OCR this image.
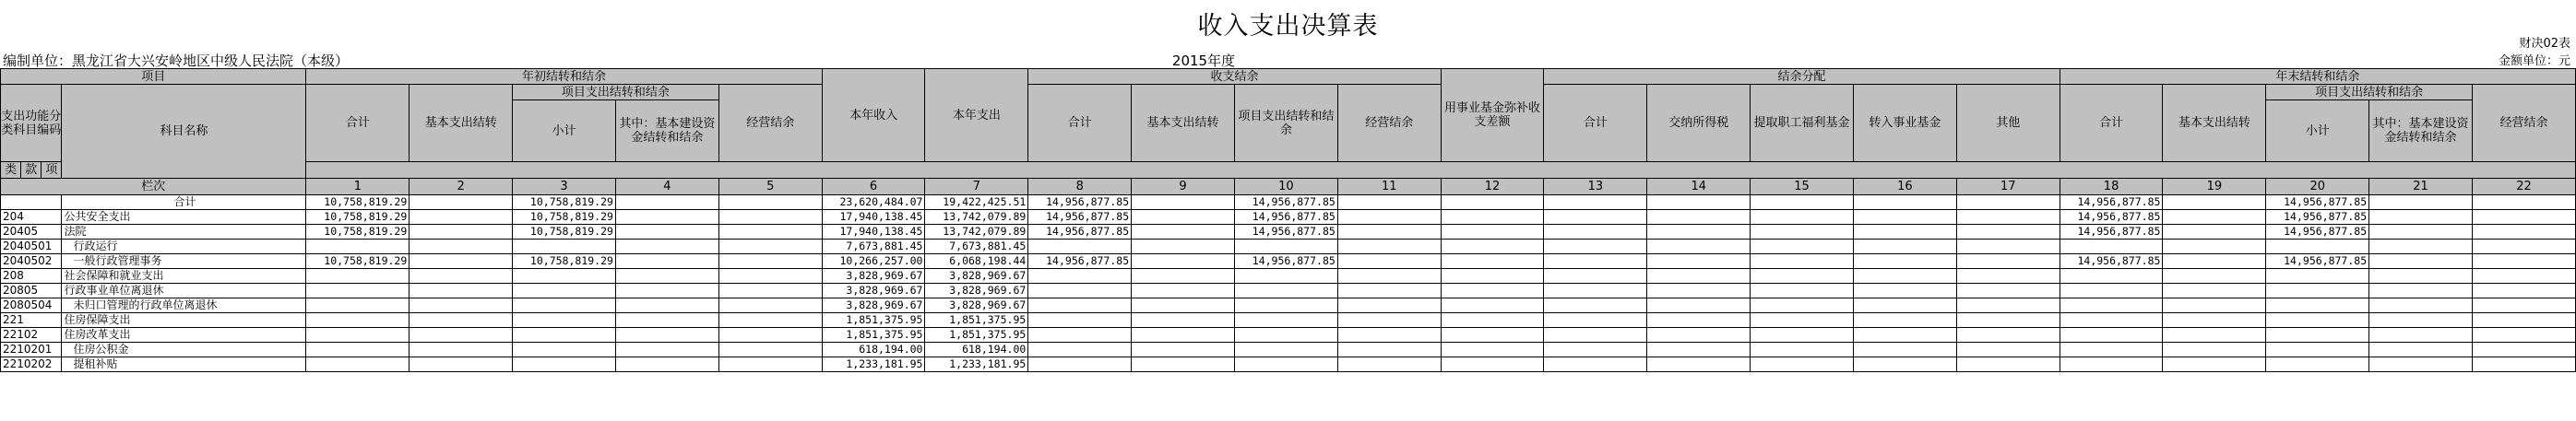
收入支出决算表
财决02表
编制单位：黑龙江省大兴安岭地区中级人民法院（本级）	2015年度	金额单位：元
项目				年初结转和结余					本年收入	本年支出	收支结余				用事业基金弥补收支差额	结余分配					年末结转和结余				
支出功能分类科目编码			科目名称	合计	基本支出结转	项目支出结转和结余		经营结余			合计	基本支出结转	项目支出结转和结余	经营结余		合计	交纳所得税	提取职工福利基金	转入事业基金	其他	合计	基本支出结转	项目支出结转和结余		经营结余
						小计	其中：基本建设资金结转和结余																小计	其中：基本建设资金结转和结余	
类	款	项																							
栏次				1	2	3	4	5	6	7	8	9	10	11	12	13	14	15	16	17	18	19	20	21	22
			合计	10,758,819.29		10,758,819.29			23,620,484.07	19,422,425.51	14,956,877.85		14,956,877.85								14,956,877.85		14,956,877.85		
204			公共安全支出	10,758,819.29		10,758,819.29			17,940,138.45	13,742,079.89	14,956,877.85		14,956,877.85								14,956,877.85		14,956,877.85		
20405			法院	10,758,819.29		10,758,819.29			17,940,138.45	13,742,079.89	14,956,877.85		14,956,877.85								14,956,877.85		14,956,877.85		
2040501			行政运行						7,673,881.45	7,673,881.45															
2040502			一般行政管理事务	10,758,819.29		10,758,819.29			10,266,257.00	6,068,198.44	14,956,877.85		14,956,877.85								14,956,877.85		14,956,877.85		
208			社会保障和就业支出						3,828,969.67	3,828,969.67															
20805			行政事业单位离退休						3,828,969.67	3,828,969.67															
2080504			未归口管理的行政单位离退休						3,828,969.67	3,828,969.67															
221			住房保障支出						1,851,375.95	1,851,375.95															
22102			住房改革支出						1,851,375.95	1,851,375.95															
2210201			住房公积金						618,194.00	618,194.00															
2210202			提租补贴						1,233,181.95	1,233,181.95															
